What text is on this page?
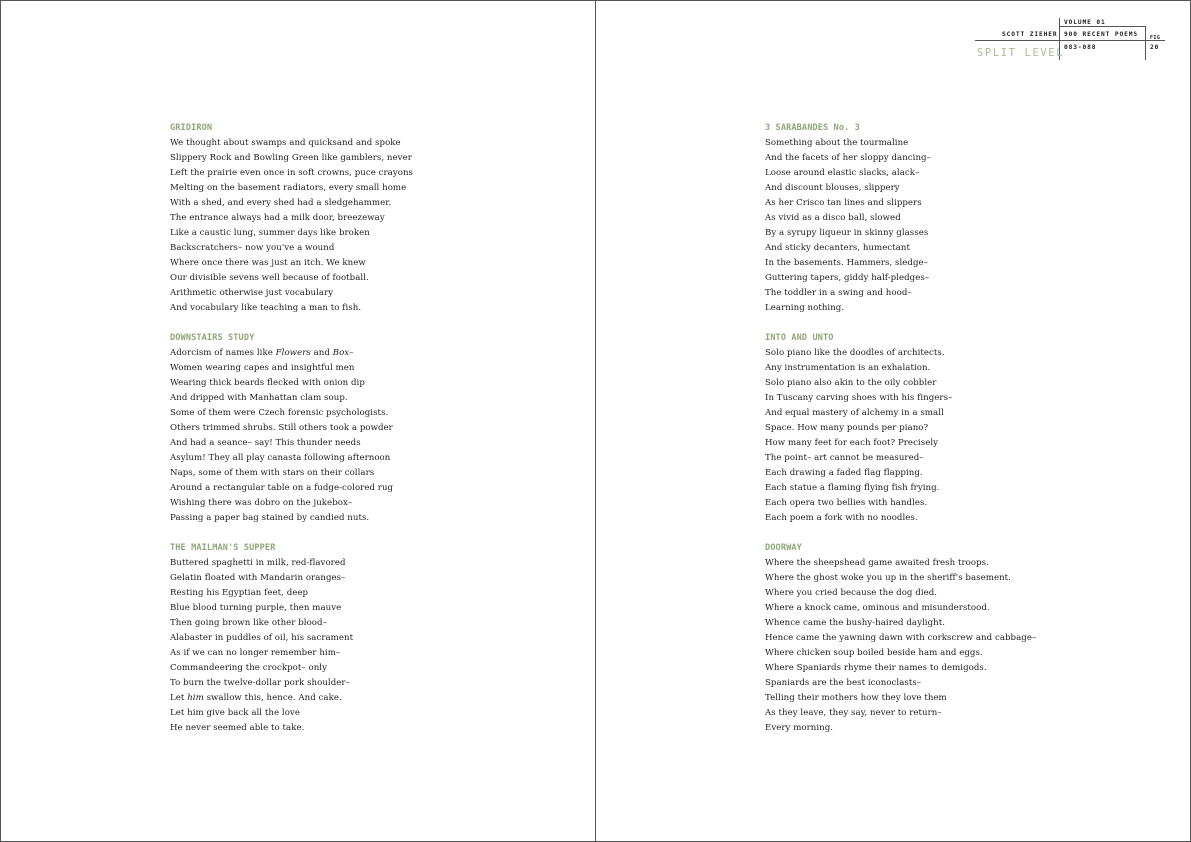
VOLUME 01
SCOTT ZIEHER 900 RECENT POEMS
083-088
SPLIT LEVEL
FIG
20
GRIDIRON
We thought about swamps and quicksand and spoke
Slippery Rock and Bowling Green like gamblers, never
Left the prairie even once in soft crowns, puce crayons
Melting on the basement radiators, every small home
With a shed, and every shed had a sledgehammer.
The entrance always had a milk door, breezeway
Like a caustic lung, summer days like broken
Backscratchers– now you've a wound
Where once there was just an itch. We knew
Our divisible sevens well because of football.
Arithmetic otherwise just vocabulary
And vocabulary like teaching a man to fish.
DOWNSTAIRS STUDY
Adorcism of names like Flowers and Box–
Women wearing capes and insightful men
Wearing thick beards flecked with onion dip
And dripped with Manhattan clam soup.
Some of them were Czech forensic psychologists.
Others trimmed shrubs. Still others took a powder
And had a seance– say! This thunder needs
Asylum! They all play canasta following afternoon
Naps, some of them with stars on their collars
Around a rectangular table on a fudge-colored rug
Wishing there was dobro on the jukebox–
Passing a paper bag stained by candied nuts.
THE MAILMAN'S SUPPER
Buttered spaghetti in milk, red-flavored
Gelatin floated with Mandarin oranges–
Resting his Egyptian feet, deep
Blue blood turning purple, then mauve
Then going brown like other blood–
Alabaster in puddles of oil, his sacrament
As if we can no longer remember him–
Commandeering the crockpot– only
To burn the twelve-dollar pork shoulder–
Let him swallow this, hence. And cake.
Let him give back all the love
He never seemed able to take.
3 SARABANDES No. 3
Something about the tourmaline
And the facets of her sloppy dancing–
Loose around elastic slacks, alack–
And discount blouses, slippery
As her Crisco tan lines and slippers
As vivid as a disco ball, slowed
By a syrupy liqueur in skinny glasses
And sticky decanters, humectant
In the basements. Hammers, sledge–
Guttering tapers, giddy half-pledges–
The toddler in a swing and hood–
Learning nothing.
INTO AND UNTO
Solo piano like the doodles of architects.
Any instrumentation is an exhalation.
Solo piano also akin to the oily cobbler
In Tuscany carving shoes with his fingers–
And equal mastery of alchemy in a small
Space. How many pounds per piano?
How many feet for each foot? Precisely
The point– art cannot be measured–
Each drawing a faded flag flapping.
Each statue a flaming flying fish frying.
Each opera two bellies with handles.
Each poem a fork with no noodles.
DOORWAY
Where the sheepshead game awaited fresh troops.
Where the ghost woke you up in the sheriff's basement.
Where you cried because the dog died.
Where a knock came, ominous and misunderstood.
Whence came the bushy-haired daylight.
Hence came the yawning dawn with corkscrew and cabbage–
Where chicken soup boiled beside ham and eggs.
Where Spaniards rhyme their names to demigods.
Spaniards are the best iconoclasts–
Telling their mothers how they love them
As they leave, they say, never to return–
Every morning.
